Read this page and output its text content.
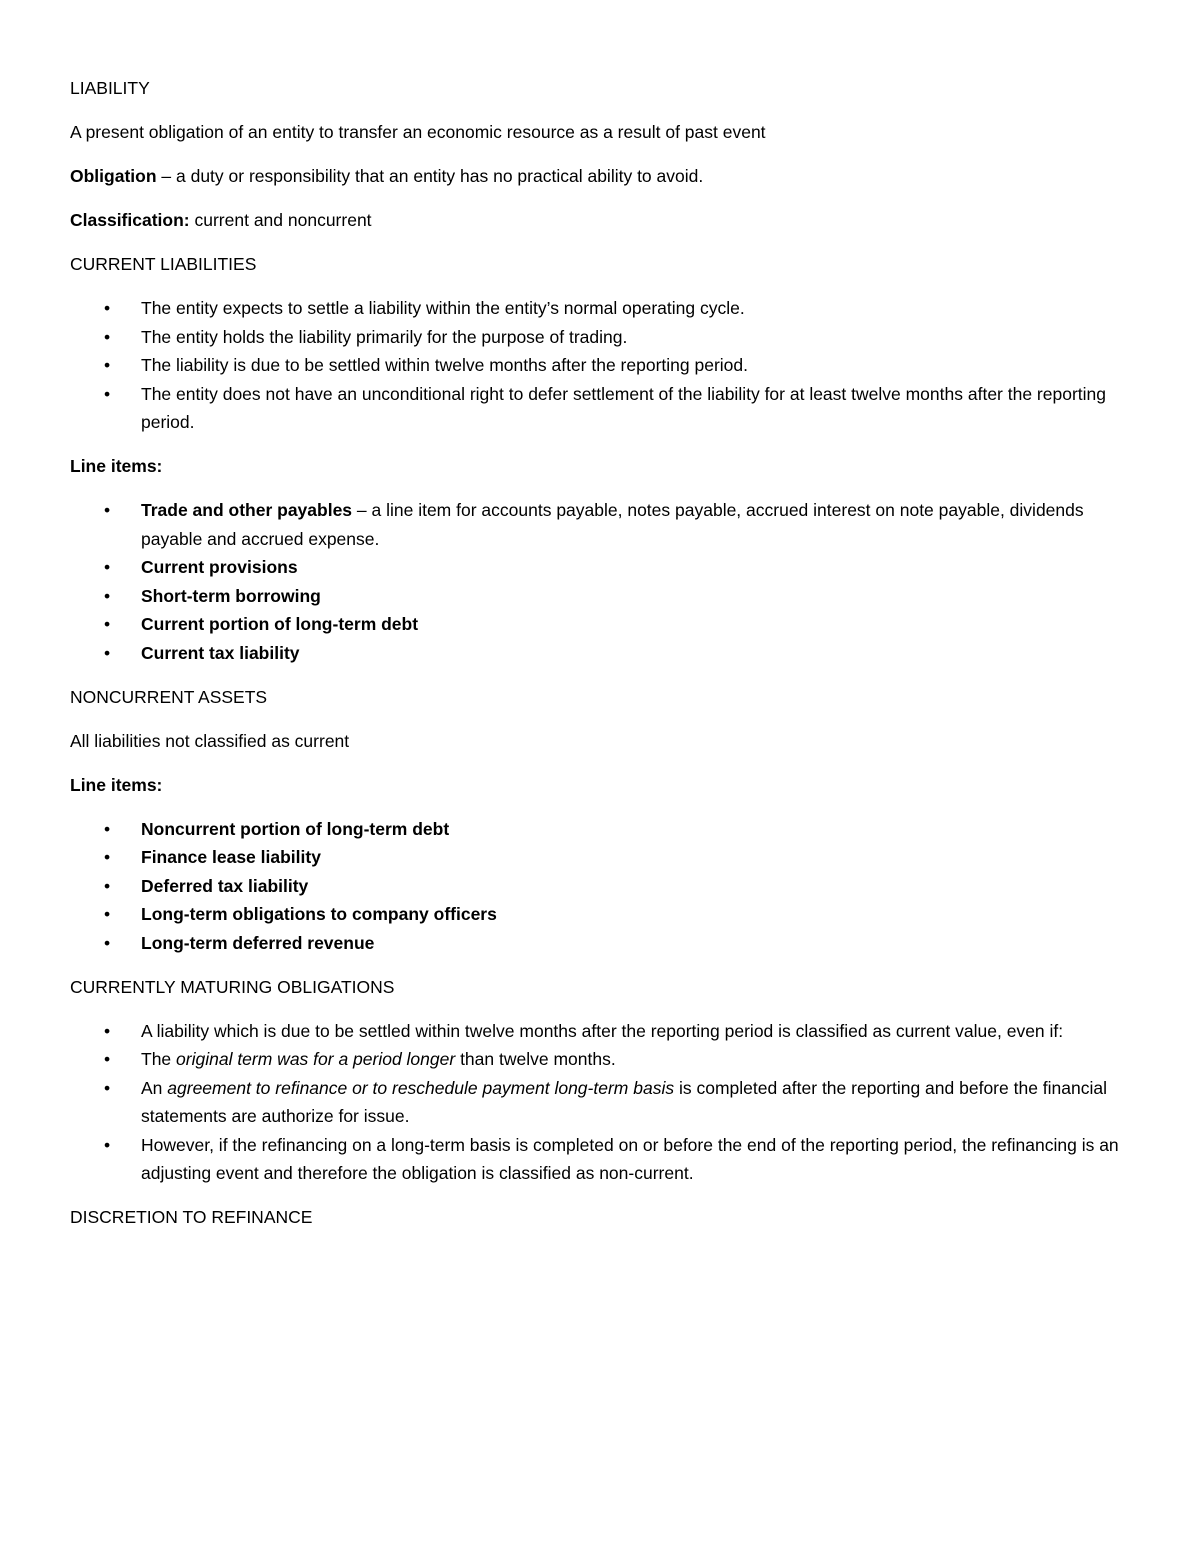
LIABILITY

A present obligation of an entity to transfer an economic resource as a result of past event

Obligation – a duty or responsibility that an entity has no practical ability to avoid.

Classification: current and noncurrent

CURRENT LIABILITIES

• The entity expects to settle a liability within the entity’s normal operating cycle.
• The entity holds the liability primarily for the purpose of trading.
• The liability is due to be settled within twelve months after the reporting period.
• The entity does not have an unconditional right to defer settlement of the liability for at least twelve months after the reporting period.

Line items:

• Trade and other payables – a line item for accounts payable, notes payable, accrued interest on note payable, dividends payable and accrued expense.
• Current provisions
• Short-term borrowing
• Current portion of long-term debt
• Current tax liability

NONCURRENT ASSETS

All liabilities not classified as current

Line items:

• Noncurrent portion of long-term debt
• Finance lease liability
• Deferred tax liability
• Long-term obligations to company officers
• Long-term deferred revenue

CURRENTLY MATURING OBLIGATIONS

• A liability which is due to be settled within twelve months after the reporting period is classified as current value, even if:
• The original term was for a period longer than twelve months.
• An agreement to refinance or to reschedule payment long-term basis is completed after the reporting and before the financial statements are authorize for issue.
• However, if the refinancing on a long-term basis is completed on or before the end of the reporting period, the refinancing is an adjusting event and therefore the obligation is classified as non-current.

DISCRETION TO REFINANCE
